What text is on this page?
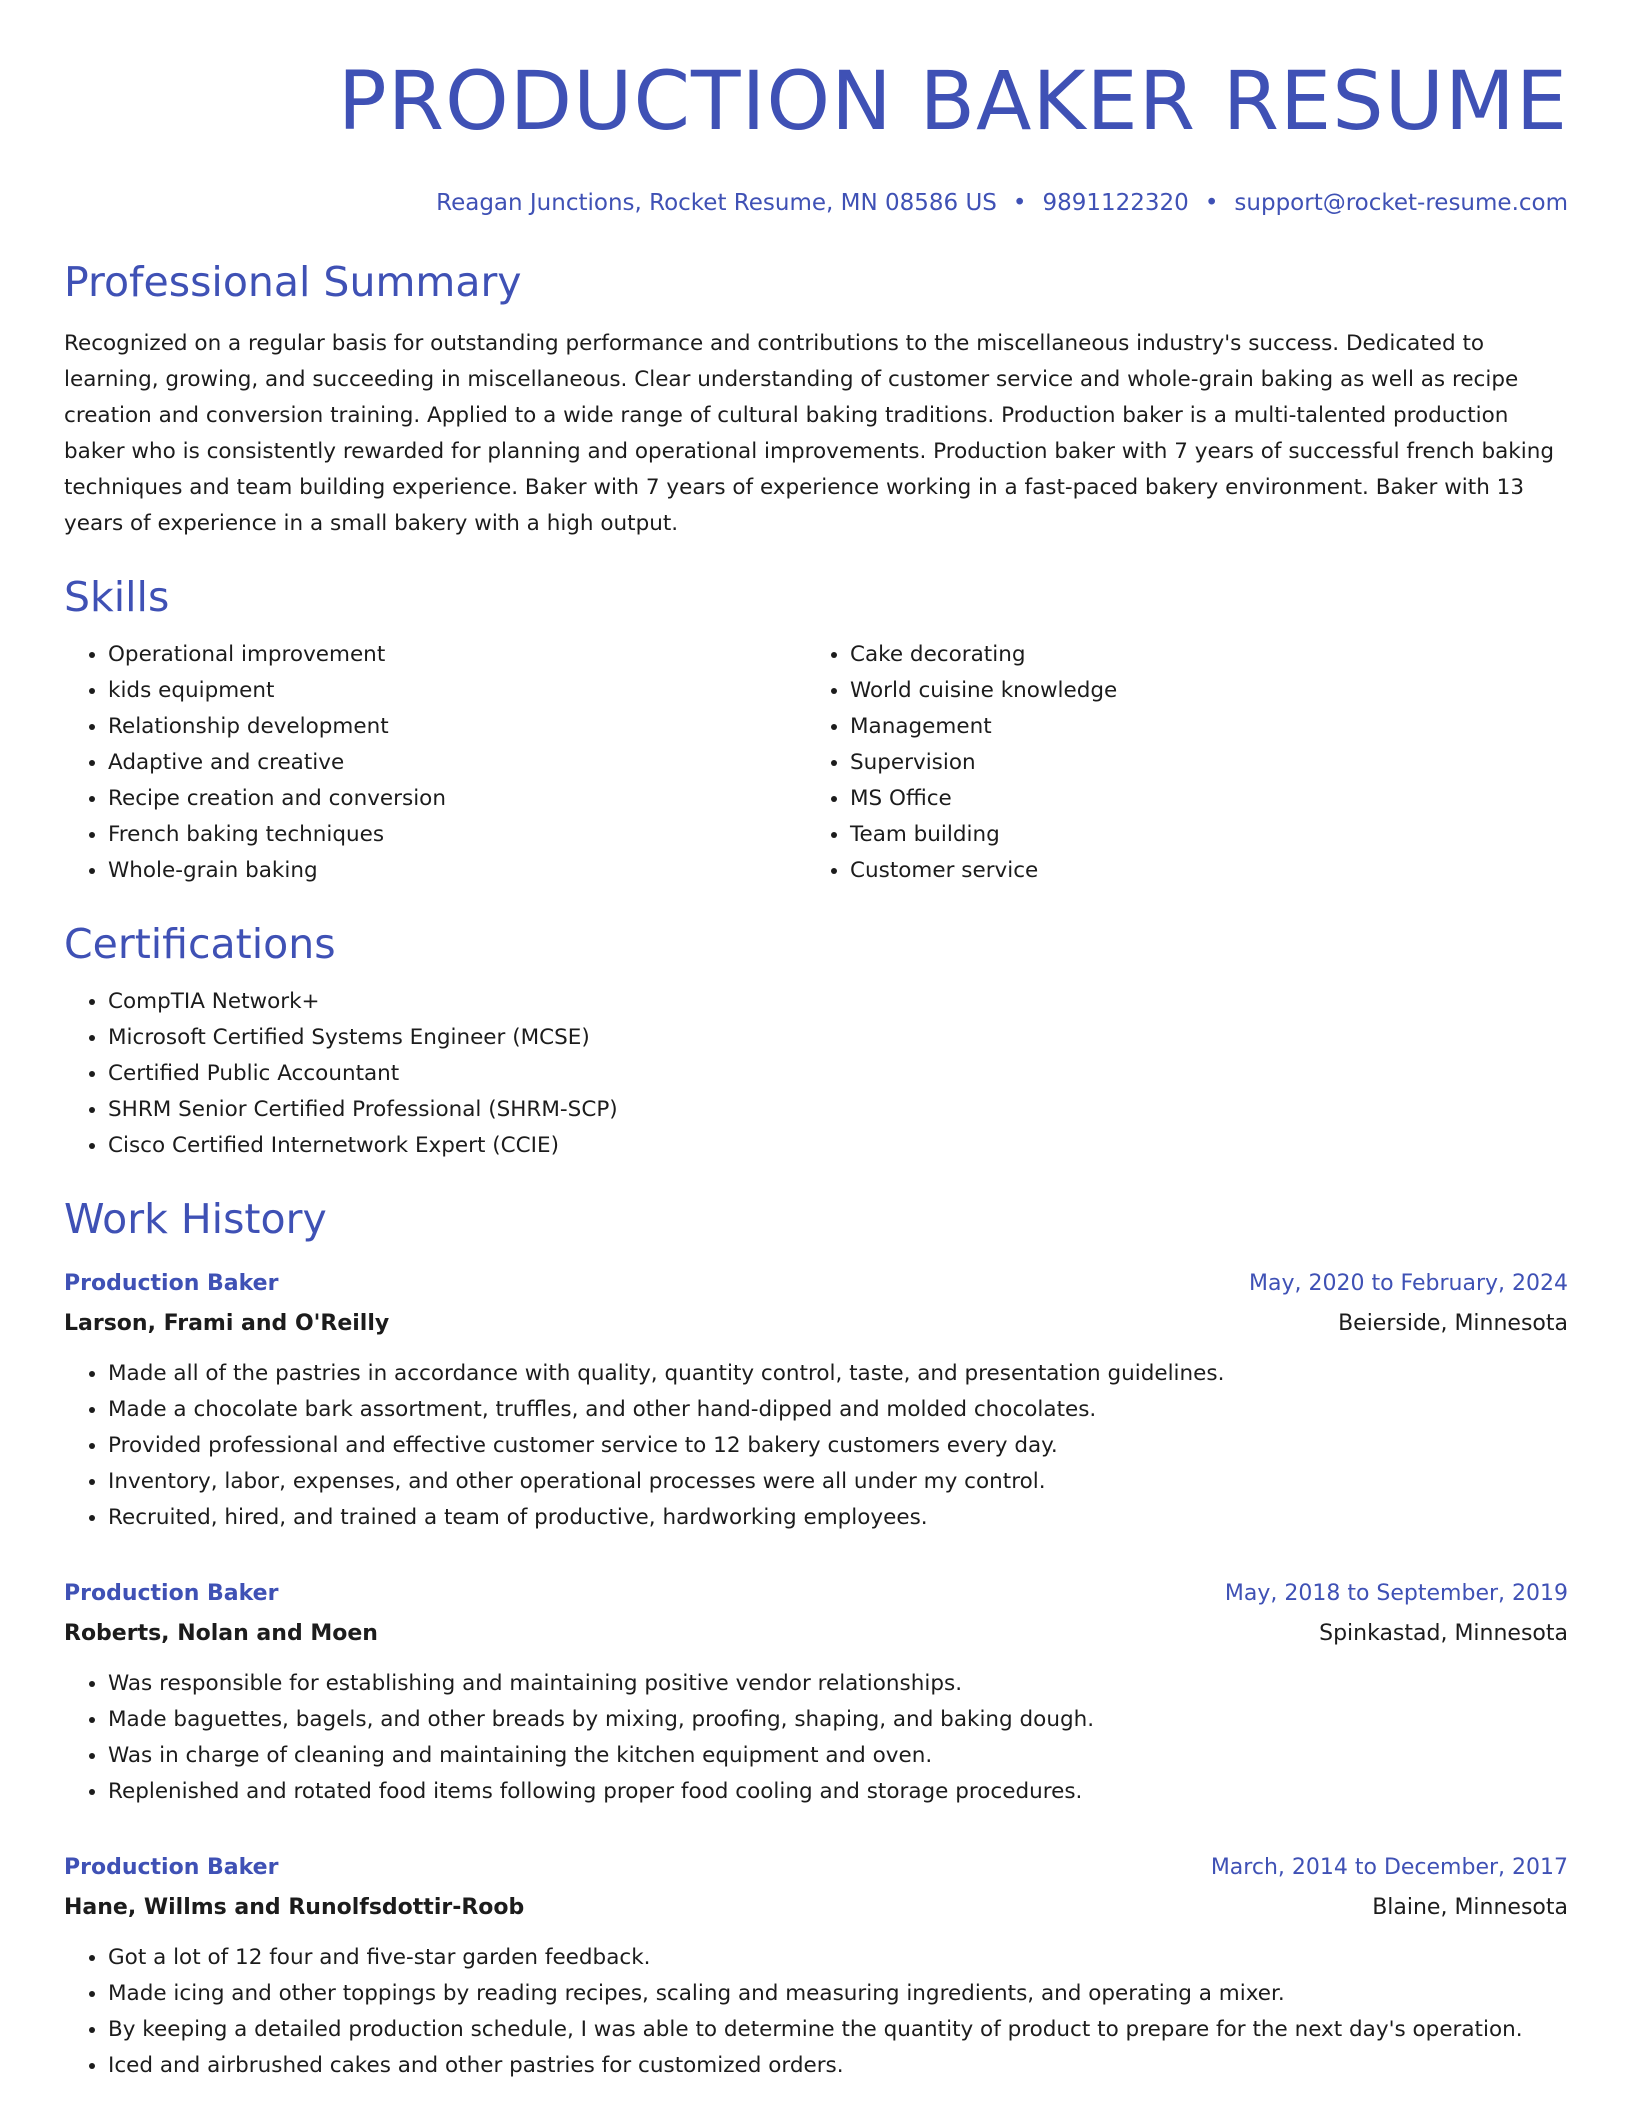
PRODUCTION BAKER RESUME
Reagan Junctions, Rocket Resume, MN 08586 US • 9891122320 • support@rocket-resume.com
Professional Summary
Recognized on a regular basis for outstanding performance and contributions to the miscellaneous industry's success. Dedicated to learning, growing, and succeeding in miscellaneous. Clear understanding of customer service and whole-grain baking as well as recipe creation and conversion training. Applied to a wide range of cultural baking traditions. Production baker is a multi-talented production baker who is consistently rewarded for planning and operational improvements. Production baker with 7 years of successful french baking techniques and team building experience. Baker with 7 years of experience working in a fast-paced bakery environment. Baker with 13 years of experience in a small bakery with a high output.
Skills
• Operational improvement
• kids equipment
• Relationship development
• Adaptive and creative
• Recipe creation and conversion
• French baking techniques
• Whole-grain baking
• Cake decorating
• World cuisine knowledge
• Management
• Supervision
• MS Office
• Team building
• Customer service
Certifications
• CompTIA Network+
• Microsoft Certified Systems Engineer (MCSE)
• Certified Public Accountant
• SHRM Senior Certified Professional (SHRM-SCP)
• Cisco Certified Internetwork Expert (CCIE)
Work History
Production Baker	May, 2020 to February, 2024
Larson, Frami and O'Reilly	Beierside, Minnesota
• Made all of the pastries in accordance with quality, quantity control, taste, and presentation guidelines.
• Made a chocolate bark assortment, truffles, and other hand-dipped and molded chocolates.
• Provided professional and effective customer service to 12 bakery customers every day.
• Inventory, labor, expenses, and other operational processes were all under my control.
• Recruited, hired, and trained a team of productive, hardworking employees.
Production Baker	May, 2018 to September, 2019
Roberts, Nolan and Moen	Spinkastad, Minnesota
• Was responsible for establishing and maintaining positive vendor relationships.
• Made baguettes, bagels, and other breads by mixing, proofing, shaping, and baking dough.
• Was in charge of cleaning and maintaining the kitchen equipment and oven.
• Replenished and rotated food items following proper food cooling and storage procedures.
Production Baker	March, 2014 to December, 2017
Hane, Willms and Runolfsdottir-Roob	Blaine, Minnesota
• Got a lot of 12 four and five-star garden feedback.
• Made icing and other toppings by reading recipes, scaling and measuring ingredients, and operating a mixer.
• By keeping a detailed production schedule, I was able to determine the quantity of product to prepare for the next day's operation.
• Iced and airbrushed cakes and other pastries for customized orders.
